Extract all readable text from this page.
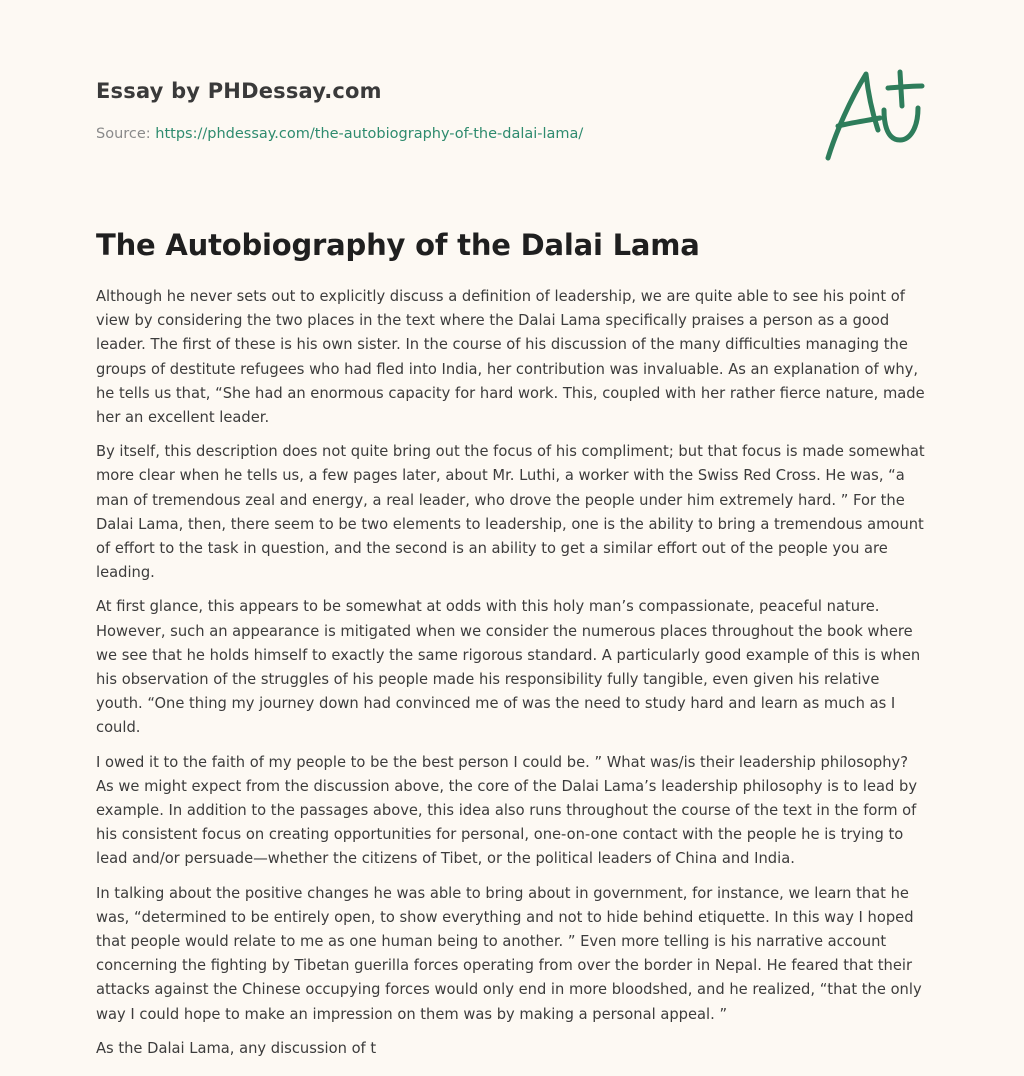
Essay by PHDessay.com
Source: https://phdessay.com/the-autobiography-of-the-dalai-lama/
The Autobiography of the Dalai Lama

Although he never sets out to explicitly discuss a definition of leadership, we are quite able to see his point of view by considering the two places in the text where the Dalai Lama specifically praises a person as a good leader. The first of these is his own sister. In the course of his discussion of the many difficulties managing the groups of destitute refugees who had fled into India, her contribution was invaluable. As an explanation of why, he tells us that, “She had an enormous capacity for hard work. This, coupled with her rather fierce nature, made her an excellent leader.

By itself, this description does not quite bring out the focus of his compliment; but that focus is made somewhat more clear when he tells us, a few pages later, about Mr. Luthi, a worker with the Swiss Red Cross. He was, “a man of tremendous zeal and energy, a real leader, who drove the people under him extremely hard. ” For the Dalai Lama, then, there seem to be two elements to leadership, one is the ability to bring a tremendous amount of effort to the task in question, and the second is an ability to get a similar effort out of the people you are leading.

At first glance, this appears to be somewhat at odds with this holy man’s compassionate, peaceful nature. However, such an appearance is mitigated when we consider the numerous places throughout the book where we see that he holds himself to exactly the same rigorous standard. A particularly good example of this is when his observation of the struggles of his people made his responsibility fully tangible, even given his relative youth. “One thing my journey down had convinced me of was the need to study hard and learn as much as I could.

I owed it to the faith of my people to be the best person I could be. ” What was/is their leadership philosophy? As we might expect from the discussion above, the core of the Dalai Lama’s leadership philosophy is to lead by example. In addition to the passages above, this idea also runs throughout the course of the text in the form of his consistent focus on creating opportunities for personal, one-on-one contact with the people he is trying to lead and/or persuade—whether the citizens of Tibet, or the political leaders of China and India.

In talking about the positive changes he was able to bring about in government, for instance, we learn that he was, “determined to be entirely open, to show everything and not to hide behind etiquette. In this way I hoped that people would relate to me as one human being to another. ” Even more telling is his narrative account concerning the fighting by Tibetan guerilla forces operating from over the border in Nepal. He feared that their attacks against the Chinese occupying forces would only end in more bloodshed, and he realized, “that the only way I could hope to make an impression on them was by making a personal appeal. ”

As the Dalai Lama, any discussion of t
